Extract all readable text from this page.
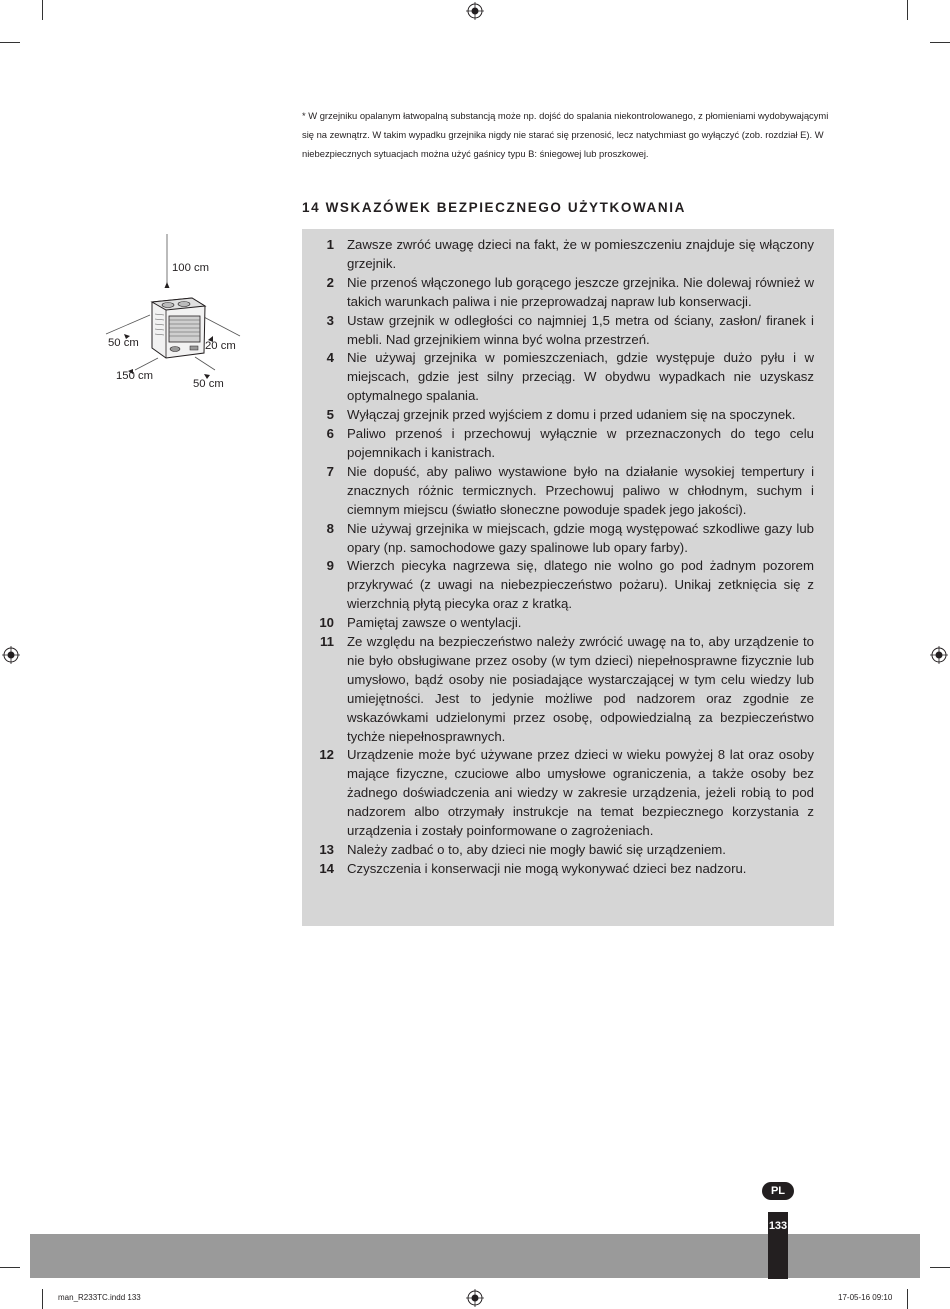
* W grzejniku opalanym łatwopalną substancją może np. dojść do spalania niekontrolowanego, z płomieniami wydobywającymi się na zewnątrz. W takim wypadku grzejnika nigdy nie starać się przenosić, lecz natychmiast go wyłączyć (zob. rozdział E). W niebezpiecznych sytuacjach można użyć gaśnicy typu B: śniegowej lub proszkowej.

14 WSKAZÓWEK BEZPIECZNEGO UŻYTKOWANIA
100 cm
50 cm	20 cm
150 cm
50 cm
1 Zawsze zwróć uwagę dzieci na fakt, że w pomieszczeniu znajduje się włączony grzejnik.
2 Nie przenoś włączonego lub gorącego jeszcze grzejnika. Nie dolewaj również w takich warunkach paliwa i nie przeprowadzaj napraw lub konserwacji.
3 Ustaw grzejnik w odległości co najmniej 1,5 metra od ściany, zasłon/ firanek i mebli. Nad grzejnikiem winna być wolna przestrzeń.
4 Nie używaj grzejnika w pomieszczeniach, gdzie występuje dużo pyłu i w miejscach, gdzie jest silny przeciąg. W obydwu wypadkach nie uzyskasz optymalnego spalania.
5 Wyłączaj grzejnik przed wyjściem z domu i przed udaniem się na spoczynek.
6 Paliwo przenoś i przechowuj wyłącznie w przeznaczonych do tego celu pojemnikach i kanistrach.
7 Nie dopuść, aby paliwo wystawione było na działanie wysokiej tempertury i znacznych różnic termicznych. Przechowuj paliwo w chłodnym, suchym i ciemnym miejscu (światło słoneczne powoduje spadek jego jakości).
8 Nie używaj grzejnika w miejscach, gdzie mogą występować szkodliwe gazy lub opary (np. samochodowe gazy spalinowe lub opary farby).
9 Wierzch piecyka nagrzewa się, dlatego nie wolno go pod żadnym pozorem przykrywać (z uwagi na niebezpieczeństwo pożaru). Unikaj zetknięcia się z wierzchnią płytą piecyka oraz z kratką.
10 Pamiętaj zawsze o wentylacji.
11 Ze względu na bezpieczeństwo należy zwrócić uwagę na to, aby urządzenie to nie było obsługiwane przez osoby (w tym dzieci) niepełnosprawne fizycznie lub umysłowo, bądź osoby nie posiadające wystarczającej w tym celu wiedzy lub umiejętności. Jest to jedynie możliwe pod nadzorem oraz zgodnie ze wskazówkami udzielonymi przez osobę, odpowiedzialną za bezpieczeństwo tychże niepełnosprawnych.
12 Urządzenie może być używane przez dzieci w wieku powyżej 8 lat oraz osoby mające fizyczne, czuciowe albo umysłowe ograniczenia, a także osoby bez żadnego doświadczenia ani wiedzy w zakresie urządzenia, jeżeli robią to pod nadzorem albo otrzymały instrukcje na temat bezpiecznego korzystania z urządzenia i zostały poinformowane o zagrożeniach.
13 Należy zadbać o to, aby dzieci nie mogły bawić się urządzeniem.
14 Czyszczenia i konserwacji nie mogą wykonywać dzieci bez nadzoru.
PL
133
man_R233TC.indd 133	17-05-16 09:10
